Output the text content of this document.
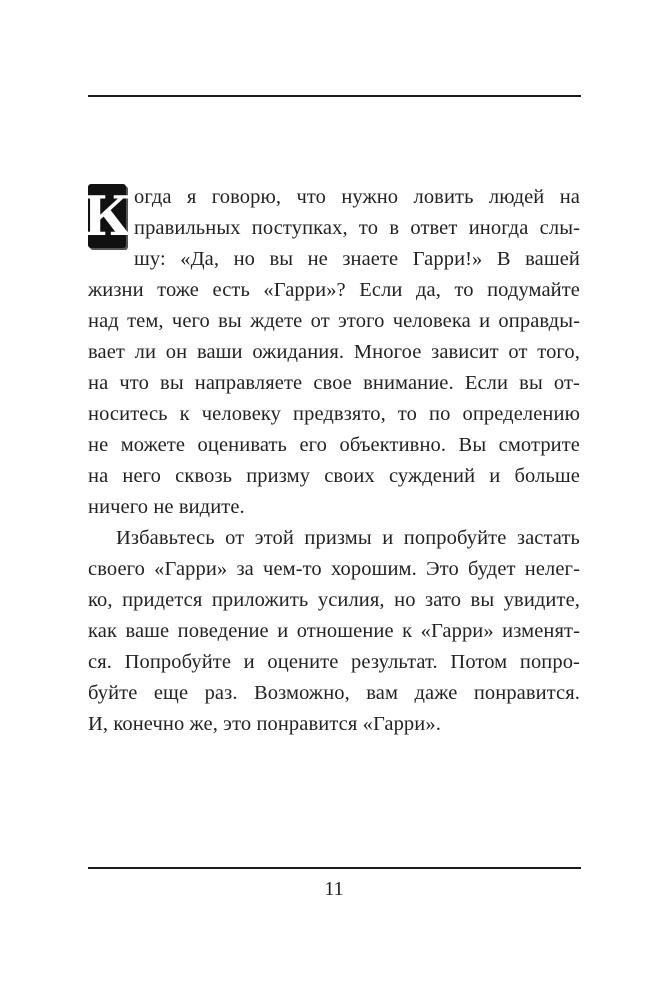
К огда я говорю, что нужно ловить людей на
правильных поступках, то в ответ иногда слы-
шу: «Да, но вы не знаете Гарри!» В вашей
жизни тоже есть «Гарри»? Если да, то подумайте
над тем, чего вы ждете от этого человека и оправды-
вает ли он ваши ожидания. Многое зависит от того,
на что вы направляете свое внимание. Если вы от-
носитесь к человеку предвзято, то по определению
не можете оценивать его объективно. Вы смотрите
на него сквозь призму своих суждений и больше
ничего не видите.
Избавьтесь от этой призмы и попробуйте застать
своего «Гарри» за чем-то хорошим. Это будет нелег-
ко, придется приложить усилия, но зато вы увидите,
как ваше поведение и отношение к «Гарри» изменят-
ся. Попробуйте и оцените результат. Потом попро-
буйте еще раз. Возможно, вам даже понравится.
И, конечно же, это понравится «Гарри».
11
